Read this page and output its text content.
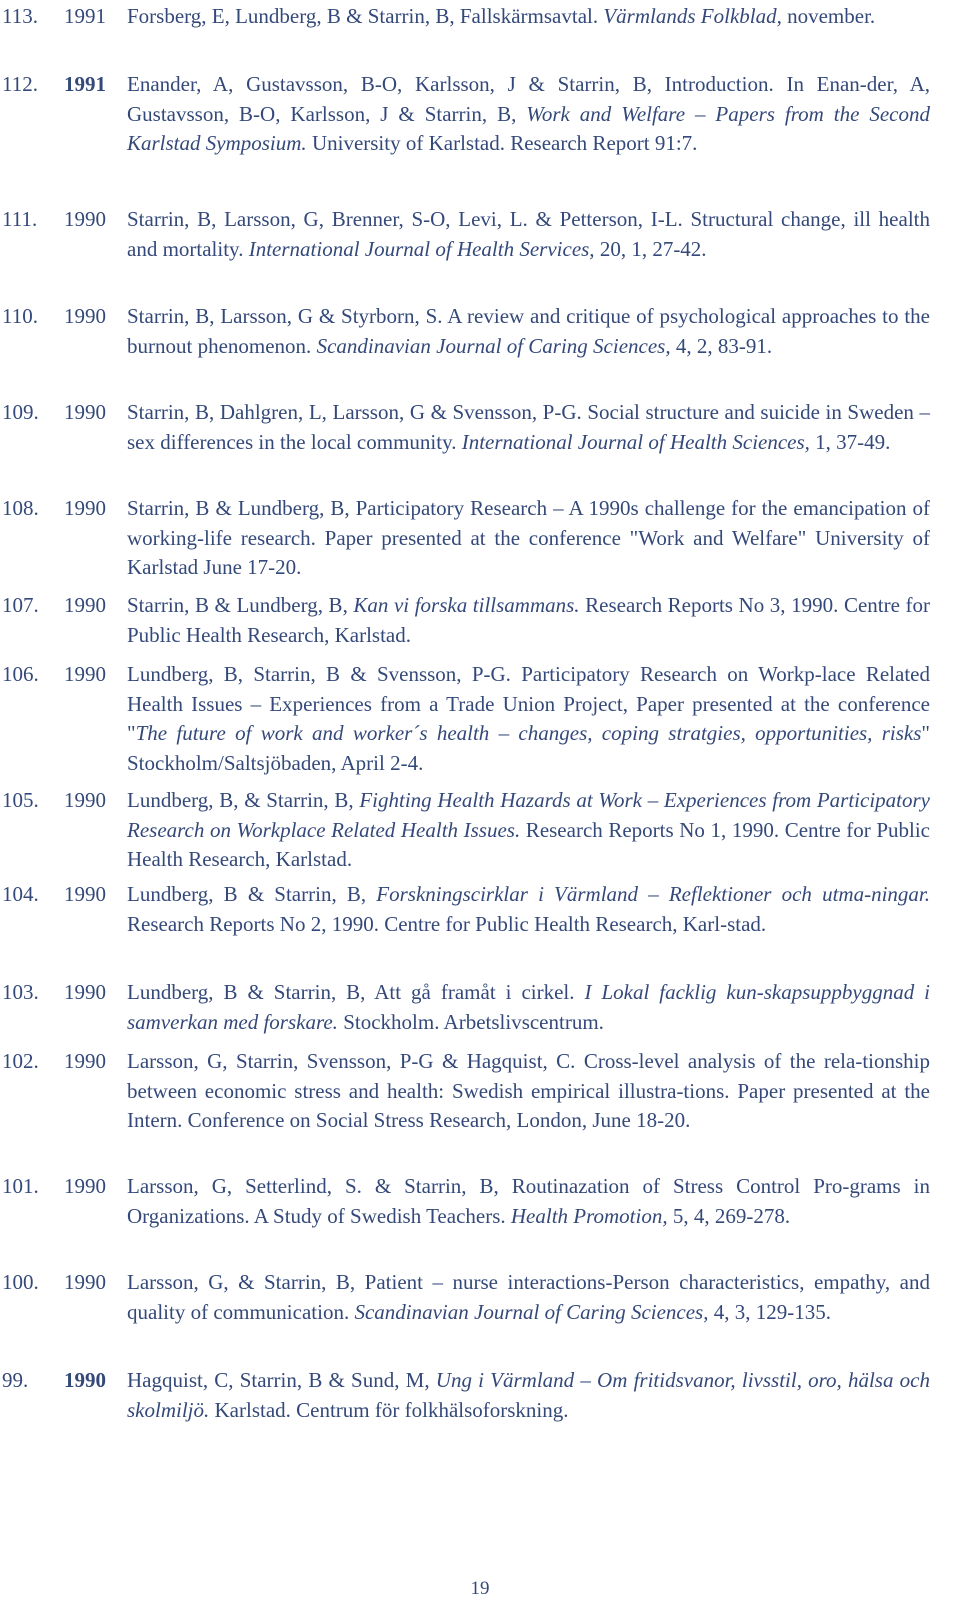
113. 1991 Forsberg, E, Lundberg, B & Starrin, B, Fallskärmsavtal. Värmlands Folkblad, november.
112. 1991 Enander, A, Gustavsson, B-O, Karlsson, J & Starrin, B, Introduction. In Enan-der, A, Gustavsson, B-O, Karlsson, J & Starrin, B, Work and Welfare – Papers from the Second Karlstad Symposium. University of Karlstad. Research Report 91:7.
111. 1990 Starrin, B, Larsson, G, Brenner, S-O, Levi, L. & Petterson, I-L. Structural change, ill health and mortality. International Journal of Health Services, 20, 1, 27-42.
110. 1990 Starrin, B, Larsson, G & Styrborn, S. A review and critique of psychological approaches to the burnout phenomenon. Scandinavian Journal of Caring Sciences, 4, 2, 83-91.
109. 1990 Starrin, B, Dahlgren, L, Larsson, G & Svensson, P-G. Social structure and suicide in Sweden – sex differences in the local community. International Journal of Health Sciences, 1, 37-49.
108. 1990 Starrin, B & Lundberg, B, Participatory Research – A 1990s challenge for the emancipation of working-life research. Paper presented at the conference "Work and Welfare" University of Karlstad June 17-20.
107. 1990 Starrin, B & Lundberg, B, Kan vi forska tillsammans. Research Reports No 3, 1990. Centre for Public Health Research, Karlstad.
106. 1990 Lundberg, B, Starrin, B & Svensson, P-G. Participatory Research on Workp-lace Related Health Issues – Experiences from a Trade Union Project, Paper presented at the conference "The future of work and worker´s health – changes, coping stratgies, opportunities, risks" Stockholm/Saltsjöbaden, April 2-4.
105. 1990 Lundberg, B, & Starrin, B, Fighting Health Hazards at Work – Experiences from Participatory Research on Workplace Related Health Issues. Research Reports No 1, 1990. Centre for Public Health Research, Karlstad.
104. 1990 Lundberg, B & Starrin, B, Forskningscirklar i Värmland – Reflektioner och utma-ningar. Research Reports No 2, 1990. Centre for Public Health Research, Karl-stad.
103. 1990 Lundberg, B & Starrin, B, Att gå framåt i cirkel. I Lokal facklig kun-skapsuppbyggnad i samverkan med forskare. Stockholm. Arbetslivscentrum.
102. 1990 Larsson, G, Starrin, Svensson, P-G & Hagquist, C. Cross-level analysis of the rela-tionship between economic stress and health: Swedish empirical illustra-tions. Paper presented at the Intern. Conference on Social Stress Research, London, June 18-20.
101. 1990 Larsson, G, Setterlind, S. & Starrin, B, Routinazation of Stress Control Pro-grams in Organizations. A Study of Swedish Teachers. Health Promotion, 5, 4, 269-278.
100. 1990 Larsson, G, & Starrin, B, Patient – nurse interactions-Person characteristics, empathy, and quality of communication. Scandinavian Journal of Caring Sciences, 4, 3, 129-135.
99. 1990 Hagquist, C, Starrin, B & Sund, M, Ung i Värmland – Om fritidsvanor, livsstil, oro, hälsa och skolmiljö. Karlstad. Centrum för folkhälsoforskning.
19
